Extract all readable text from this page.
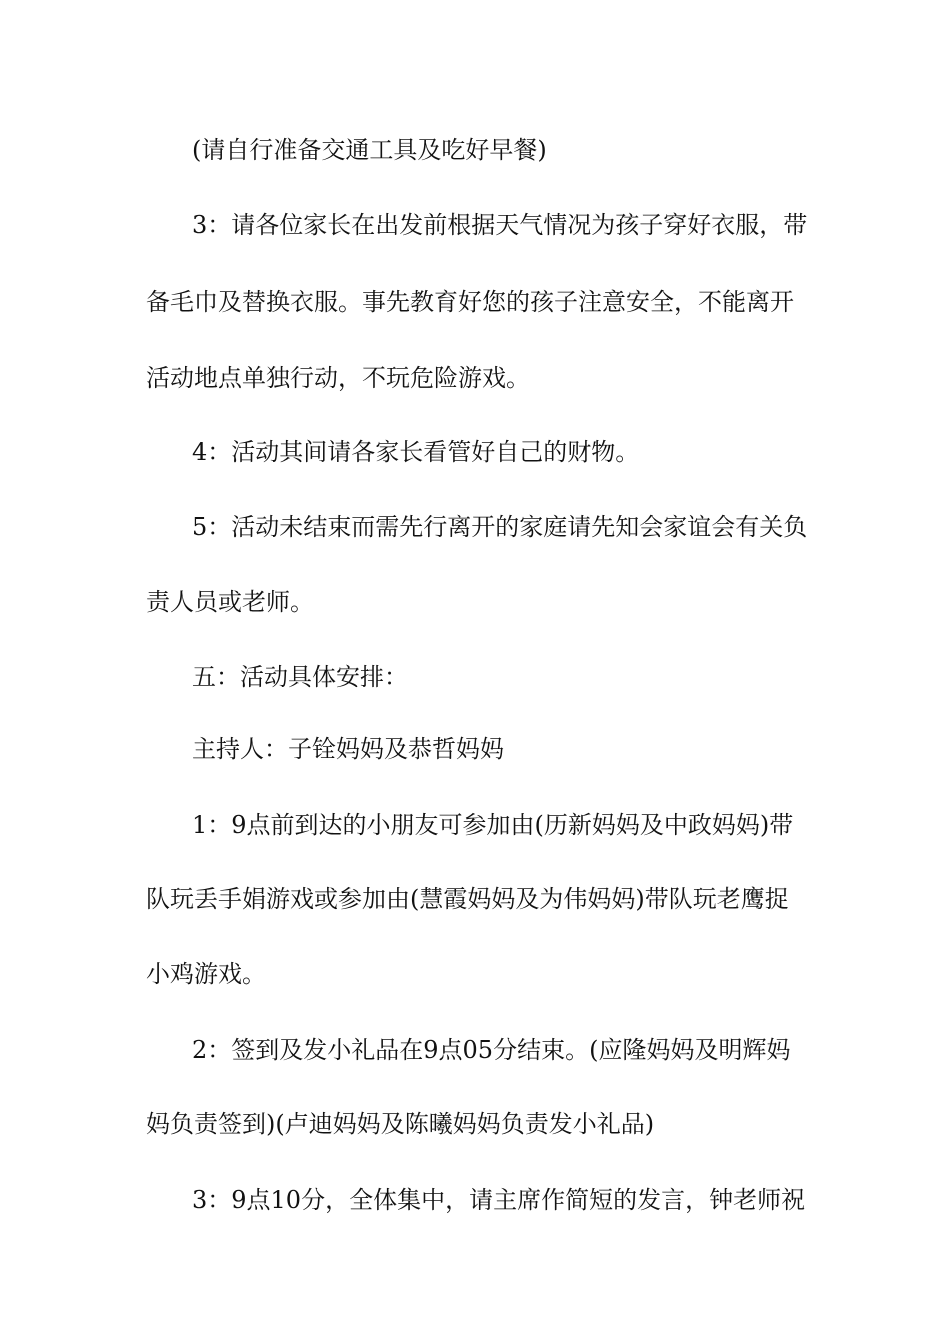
(请自行准备交通工具及吃好早餐)
3：请各位家长在出发前根据天气情况为孩子穿好衣服，带
备毛巾及替换衣服。事先教育好您的孩子注意安全，不能离开
活动地点单独行动，不玩危险游戏。
4：活动其间请各家长看管好自己的财物。
5：活动未结束而需先行离开的家庭请先知会家谊会有关负
责人员或老师。
五：活动具体安排：
主持人：子铨妈妈及恭哲妈妈
1：9点前到达的小朋友可参加由(历新妈妈及中政妈妈)带
队玩丢手娟游戏或参加由(慧霞妈妈及为伟妈妈)带队玩老鹰捉
小鸡游戏。
2：签到及发小礼品在9点05分结束。(应隆妈妈及明辉妈
妈负责签到)(卢迪妈妈及陈曦妈妈负责发小礼品)
3：9点10分，全体集中，请主席作简短的发言，钟老师祝
